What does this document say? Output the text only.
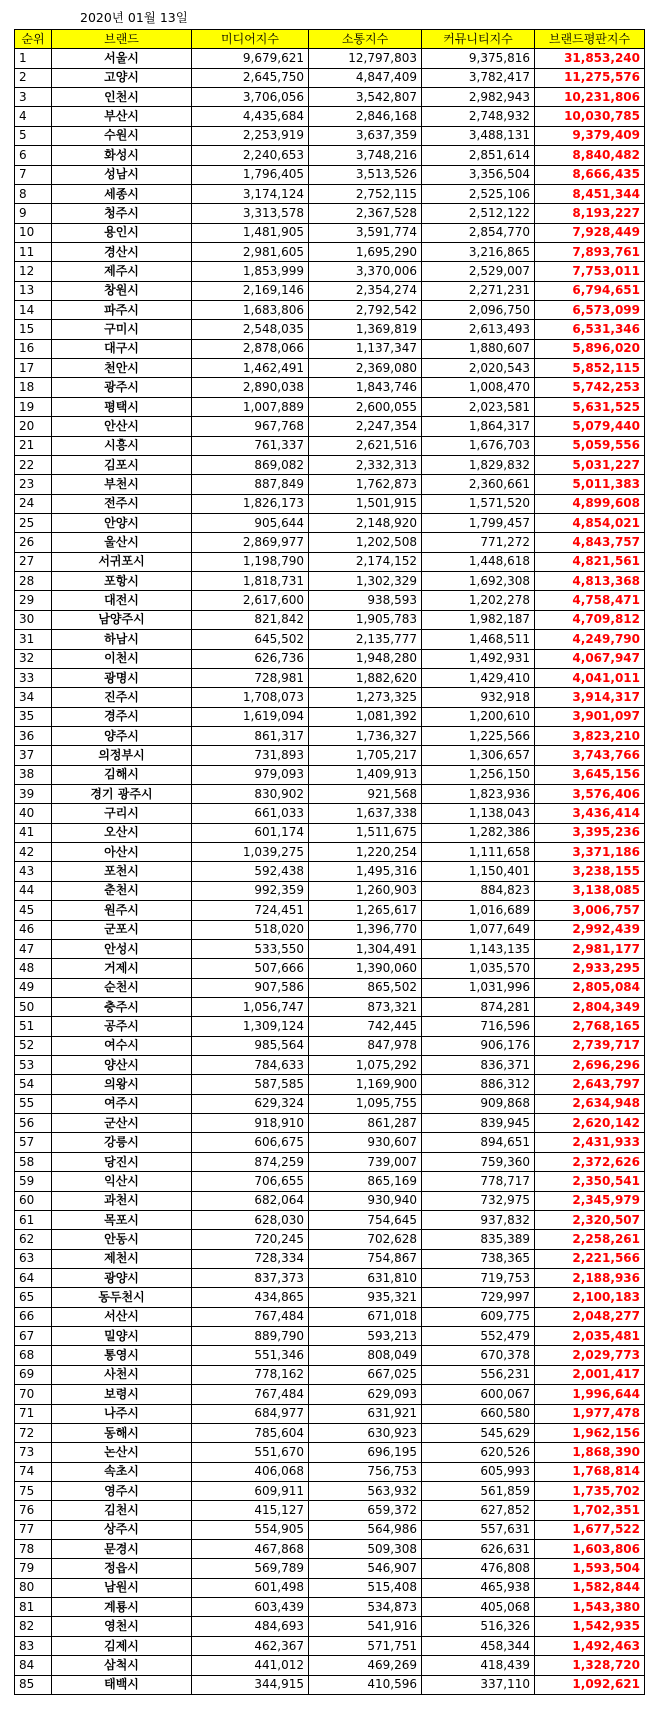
2020년 01월 13일
순위	브랜드	미디어지수	소통지수	커뮤니티지수	브랜드평판지수
1	서울시	9,679,621	12,797,803	9,375,816	31,853,240
2	고양시	2,645,750	4,847,409	3,782,417	11,275,576
3	인천시	3,706,056	3,542,807	2,982,943	10,231,806
4	부산시	4,435,684	2,846,168	2,748,932	10,030,785
5	수원시	2,253,919	3,637,359	3,488,131	9,379,409
6	화성시	2,240,653	3,748,216	2,851,614	8,840,482
7	성남시	1,796,405	3,513,526	3,356,504	8,666,435
8	세종시	3,174,124	2,752,115	2,525,106	8,451,344
9	청주시	3,313,578	2,367,528	2,512,122	8,193,227
10	용인시	1,481,905	3,591,774	2,854,770	7,928,449
11	경산시	2,981,605	1,695,290	3,216,865	7,893,761
12	제주시	1,853,999	3,370,006	2,529,007	7,753,011
13	창원시	2,169,146	2,354,274	2,271,231	6,794,651
14	파주시	1,683,806	2,792,542	2,096,750	6,573,099
15	구미시	2,548,035	1,369,819	2,613,493	6,531,346
16	대구시	2,878,066	1,137,347	1,880,607	5,896,020
17	천안시	1,462,491	2,369,080	2,020,543	5,852,115
18	광주시	2,890,038	1,843,746	1,008,470	5,742,253
19	평택시	1,007,889	2,600,055	2,023,581	5,631,525
20	안산시	967,768	2,247,354	1,864,317	5,079,440
21	시흥시	761,337	2,621,516	1,676,703	5,059,556
22	김포시	869,082	2,332,313	1,829,832	5,031,227
23	부천시	887,849	1,762,873	2,360,661	5,011,383
24	전주시	1,826,173	1,501,915	1,571,520	4,899,608
25	안양시	905,644	2,148,920	1,799,457	4,854,021
26	울산시	2,869,977	1,202,508	771,272	4,843,757
27	서귀포시	1,198,790	2,174,152	1,448,618	4,821,561
28	포항시	1,818,731	1,302,329	1,692,308	4,813,368
29	대전시	2,617,600	938,593	1,202,278	4,758,471
30	남양주시	821,842	1,905,783	1,982,187	4,709,812
31	하남시	645,502	2,135,777	1,468,511	4,249,790
32	이천시	626,736	1,948,280	1,492,931	4,067,947
33	광명시	728,981	1,882,620	1,429,410	4,041,011
34	진주시	1,708,073	1,273,325	932,918	3,914,317
35	경주시	1,619,094	1,081,392	1,200,610	3,901,097
36	양주시	861,317	1,736,327	1,225,566	3,823,210
37	의정부시	731,893	1,705,217	1,306,657	3,743,766
38	김해시	979,093	1,409,913	1,256,150	3,645,156
39	경기 광주시	830,902	921,568	1,823,936	3,576,406
40	구리시	661,033	1,637,338	1,138,043	3,436,414
41	오산시	601,174	1,511,675	1,282,386	3,395,236
42	아산시	1,039,275	1,220,254	1,111,658	3,371,186
43	포천시	592,438	1,495,316	1,150,401	3,238,155
44	춘천시	992,359	1,260,903	884,823	3,138,085
45	원주시	724,451	1,265,617	1,016,689	3,006,757
46	군포시	518,020	1,396,770	1,077,649	2,992,439
47	안성시	533,550	1,304,491	1,143,135	2,981,177
48	거제시	507,666	1,390,060	1,035,570	2,933,295
49	순천시	907,586	865,502	1,031,996	2,805,084
50	충주시	1,056,747	873,321	874,281	2,804,349
51	공주시	1,309,124	742,445	716,596	2,768,165
52	여수시	985,564	847,978	906,176	2,739,717
53	양산시	784,633	1,075,292	836,371	2,696,296
54	의왕시	587,585	1,169,900	886,312	2,643,797
55	여주시	629,324	1,095,755	909,868	2,634,948
56	군산시	918,910	861,287	839,945	2,620,142
57	강릉시	606,675	930,607	894,651	2,431,933
58	당진시	874,259	739,007	759,360	2,372,626
59	익산시	706,655	865,169	778,717	2,350,541
60	과천시	682,064	930,940	732,975	2,345,979
61	목포시	628,030	754,645	937,832	2,320,507
62	안동시	720,245	702,628	835,389	2,258,261
63	제천시	728,334	754,867	738,365	2,221,566
64	광양시	837,373	631,810	719,753	2,188,936
65	동두천시	434,865	935,321	729,997	2,100,183
66	서산시	767,484	671,018	609,775	2,048,277
67	밀양시	889,790	593,213	552,479	2,035,481
68	통영시	551,346	808,049	670,378	2,029,773
69	사천시	778,162	667,025	556,231	2,001,417
70	보령시	767,484	629,093	600,067	1,996,644
71	나주시	684,977	631,921	660,580	1,977,478
72	동해시	785,604	630,923	545,629	1,962,156
73	논산시	551,670	696,195	620,526	1,868,390
74	속초시	406,068	756,753	605,993	1,768,814
75	영주시	609,911	563,932	561,859	1,735,702
76	김천시	415,127	659,372	627,852	1,702,351
77	상주시	554,905	564,986	557,631	1,677,522
78	문경시	467,868	509,308	626,631	1,603,806
79	정읍시	569,789	546,907	476,808	1,593,504
80	남원시	601,498	515,408	465,938	1,582,844
81	계룡시	603,439	534,873	405,068	1,543,380
82	영천시	484,693	541,916	516,326	1,542,935
83	김제시	462,367	571,751	458,344	1,492,463
84	삼척시	441,012	469,269	418,439	1,328,720
85	태백시	344,915	410,596	337,110	1,092,621
